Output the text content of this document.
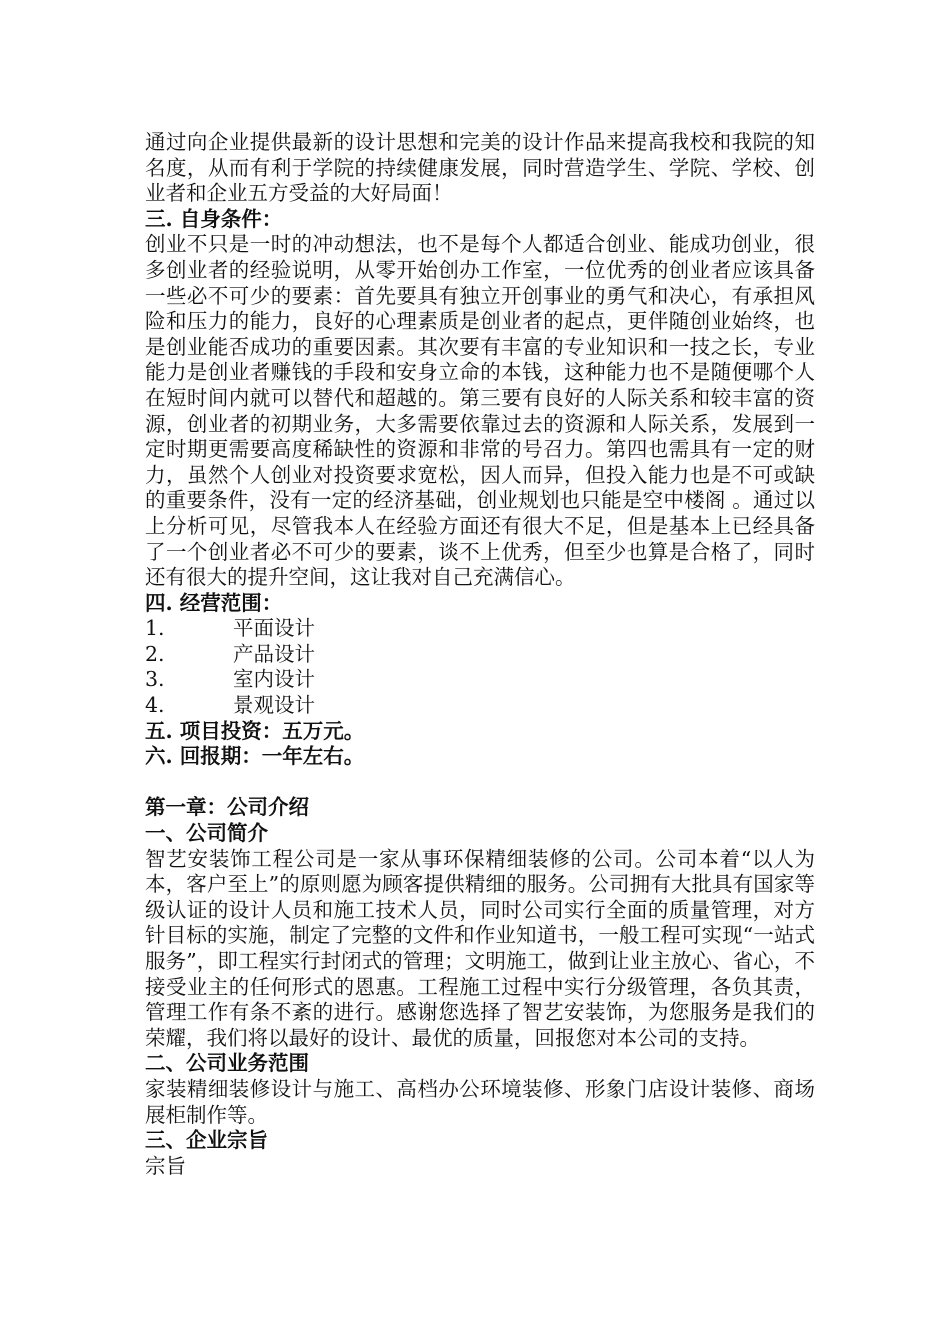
通过向企业提供最新的设计思想和完美的设计作品来提高我校和我院的知名度，从而有利于学院的持续健康发展，同时营造学生、学院、学校、创业者和企业五方受益的大好局面！

三. 自身条件：

创业不只是一时的冲动想法，也不是每个人都适合创业、能成功创业，很多创业者的经验说明，从零开始创办工作室，一位优秀的创业者应该具备一些必不可少的要素：首先要具有独立开创事业的勇气和决心，有承担风险和压力的能力，良好的心理素质是创业者的起点，更伴随创业始终，也是创业能否成功的重要因素。其次要有丰富的专业知识和一技之长，专业能力是创业者赚钱的手段和安身立命的本钱，这种能力也不是随便哪个人在短时间内就可以替代和超越的。第三要有良好的人际关系和较丰富的资源，创业者的初期业务，大多需要依靠过去的资源和人际关系，发展到一定时期更需要高度稀缺性的资源和非常的号召力。第四也需具有一定的财力，虽然个人创业对投资要求宽松，因人而异，但投入能力也是不可或缺的重要条件，没有一定的经济基础，创业规划也只能是空中楼阁 。通过以上分析可见，尽管我本人在经验方面还有很大不足，但是基本上已经具备了一个创业者必不可少的要素，谈不上优秀，但至少也算是合格了，同时还有很大的提升空间，这让我对自己充满信心。

四. 经营范围：

1.	平面设计
2.	产品设计
3.	室内设计
4.	景观设计

五. 项目投资：五万元。

六. 回报期：一年左右。

第一章：公司介绍

一、公司简介

智艺安装饰工程公司是一家从事环保精细装修的公司。公司本着“以人为本，客户至上”的原则愿为顾客提供精细的服务。公司拥有大批具有国家等级认证的设计人员和施工技术人员，同时公司实行全面的质量管理，对方针目标的实施，制定了完整的文件和作业知道书，一般工程可实现“一站式服务”，即工程实行封闭式的管理；文明施工，做到让业主放心、省心，不接受业主的任何形式的恩惠。工程施工过程中实行分级管理，各负其责，管理工作有条不紊的进行。感谢您选择了智艺安装饰，为您服务是我们的荣耀，我们将以最好的设计、最优的质量，回报您对本公司的支持。

二、公司业务范围

家装精细装修设计与施工、高档办公环境装修、形象门店设计装修、商场展柜制作等。

三、企业宗旨

宗旨
